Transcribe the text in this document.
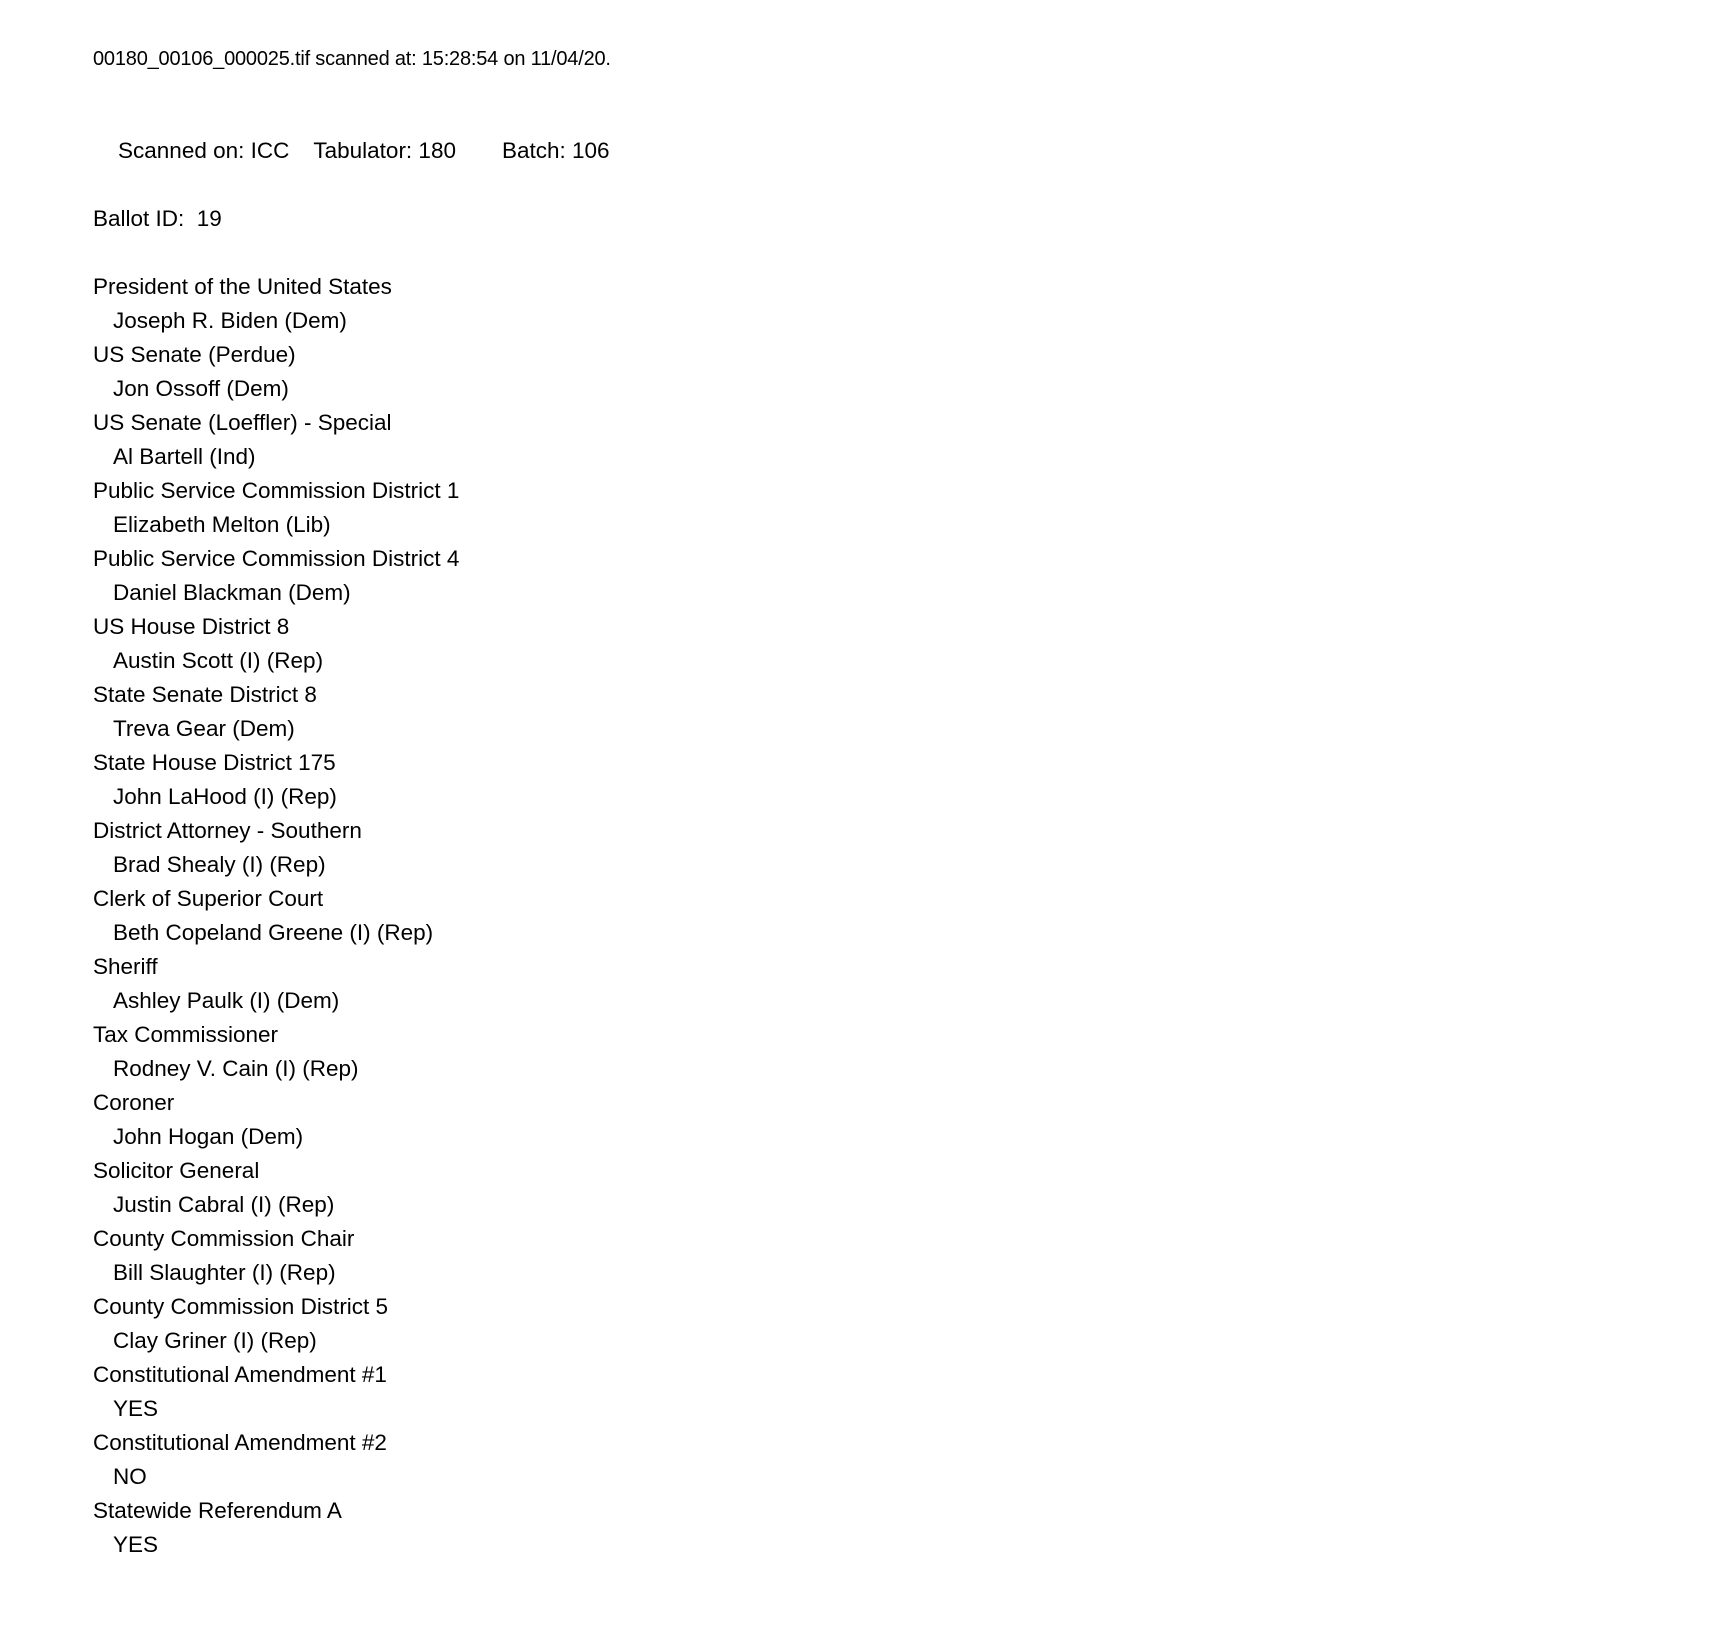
00180_00106_000025.tif scanned at: 15:28:54 on 11/04/20.

Scanned on: ICC Tabulator: 180 Batch: 106

Ballot ID:  19
President of the United States
Joseph R. Biden (Dem)
US Senate (Perdue)
Jon Ossoff (Dem)
US Senate (Loeffler) - Special
Al Bartell (Ind)
Public Service Commission District 1
Elizabeth Melton (Lib)
Public Service Commission District 4
Daniel Blackman (Dem)
US House District 8
Austin Scott (I) (Rep)
State Senate District 8
Treva Gear (Dem)
State House District 175
John LaHood (I) (Rep)
District Attorney - Southern
Brad Shealy (I) (Rep)
Clerk of Superior Court
Beth Copeland Greene (I) (Rep)
Sheriff
Ashley Paulk (I) (Dem)
Tax Commissioner
Rodney V. Cain (I) (Rep)
Coroner
John Hogan (Dem)
Solicitor General
Justin Cabral (I) (Rep)
County Commission Chair
Bill Slaughter (I) (Rep)
County Commission District 5
Clay Griner (I) (Rep)
Constitutional Amendment #1
YES
Constitutional Amendment #2
NO
Statewide Referendum A
YES
